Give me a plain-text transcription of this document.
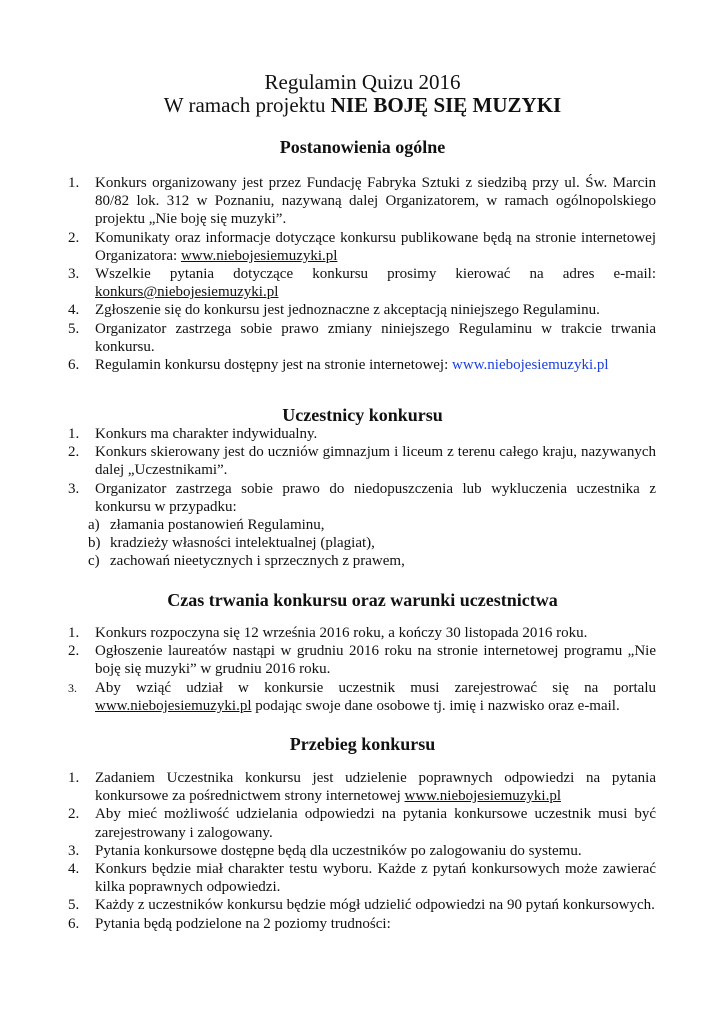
Regulamin Quizu 2016
W ramach projektu NIE BOJĘ SIĘ MUZYKI
Postanowienia ogólne
1. Konkurs organizowany jest przez Fundację Fabryka Sztuki z siedzibą przy ul. Św. Marcin 80/82 lok. 312 w Poznaniu, nazywaną dalej Organizatorem, w ramach ogólnopolskiego projektu „Nie boję się muzyki”.
2. Komunikaty oraz informacje dotyczące konkursu publikowane będą na stronie internetowej Organizatora: www.niebojesiemuzyki.pl
3. Wszelkie pytania dotyczące konkursu prosimy kierować na adres e-mail: konkurs@niebojesiemuzyki.pl
4. Zgłoszenie się do konkursu jest jednoznaczne z akceptacją niniejszego Regulaminu.
5. Organizator zastrzega sobie prawo zmiany niniejszego Regulaminu w trakcie trwania konkursu.
6. Regulamin konkursu dostępny jest na stronie internetowej: www.niebojesiemuzyki.pl
Uczestnicy konkursu
1. Konkurs ma charakter indywidualny.
2. Konkurs skierowany jest do uczniów gimnazjum i liceum z terenu całego kraju, nazywanych dalej „Uczestnikami”.
3. Organizator zastrzega sobie prawo do niedopuszczenia lub wykluczenia uczestnika z konkursu w przypadku:
a) złamania postanowień Regulaminu,
b) kradzieży własności intelektualnej (plagiat),
c) zachowań nieetycznych i sprzecznych z prawem,
Czas trwania konkursu oraz warunki uczestnictwa
1. Konkurs rozpoczyna się 12 września 2016 roku, a kończy 30 listopada 2016 roku.
2. Ogłoszenie laureatów nastąpi w grudniu 2016 roku na stronie internetowej programu „Nie boję się muzyki” w grudniu 2016 roku.
3. Aby wziąć udział w konkursie uczestnik musi zarejestrować się na portalu www.niebojesiemuzyki.pl podając swoje dane osobowe tj. imię i nazwisko oraz e-mail.
Przebieg konkursu
1. Zadaniem Uczestnika konkursu jest udzielenie poprawnych odpowiedzi na pytania konkursowe za pośrednictwem strony internetowej www.niebojesiemuzyki.pl
2. Aby mieć możliwość udzielania odpowiedzi na pytania konkursowe uczestnik musi być zarejestrowany i zalogowany.
3. Pytania konkursowe dostępne będą dla uczestników po zalogowaniu do systemu.
4. Konkurs będzie miał charakter testu wyboru. Każde z pytań konkursowych może zawierać kilka poprawnych odpowiedzi.
5. Każdy z uczestników konkursu będzie mógł udzielić odpowiedzi na 90 pytań konkursowych.
6. Pytania będą podzielone na 2 poziomy trudności:
